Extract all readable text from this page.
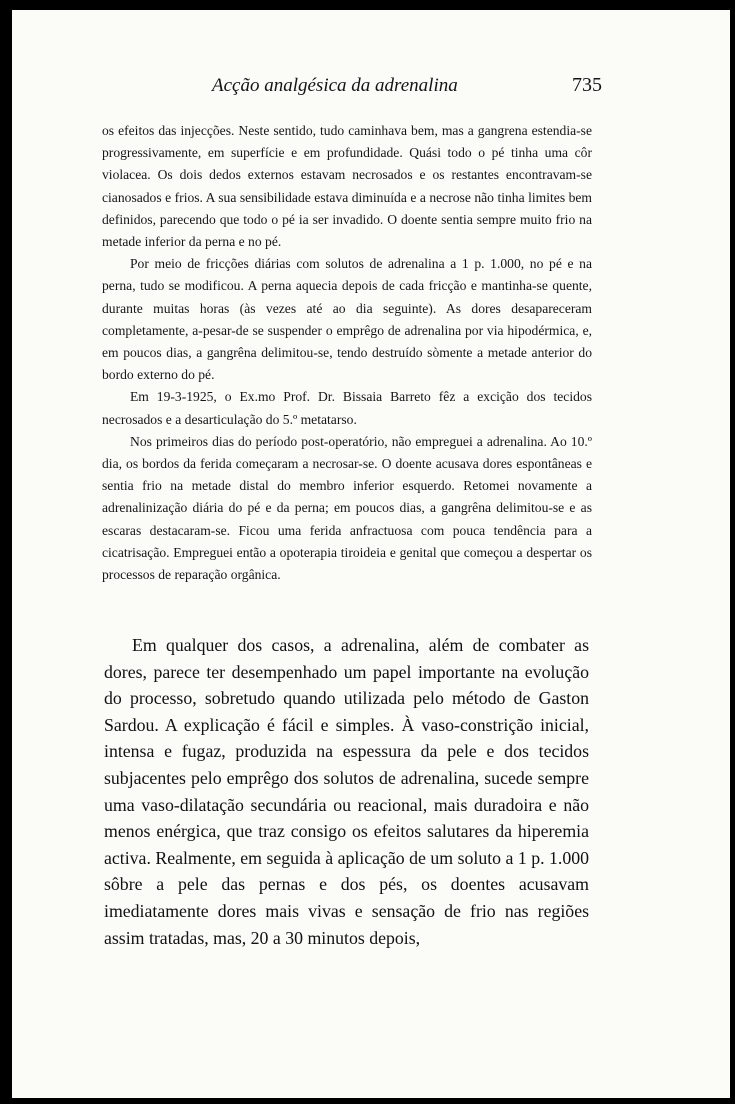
Acção analgésica da adrenalina	735

os efeitos das injecções. Neste sentido, tudo caminhava bem, mas a gangrena estendia-se progressivamente, em superfície e em profundidade. Quási todo o pé tinha uma côr violacea. Os dois dedos externos estavam necrosados e os restantes encontravam-se cianosados e frios. A sua sensibilidade estava diminuída e a necrose não tinha limites bem definidos, parecendo que todo o pé ia ser invadido. O doente sentia sempre muito frio na metade inferior da perna e no pé.

Por meio de fricções diárias com solutos de adrenalina a 1 p. 1.000, no pé e na perna, tudo se modificou. A perna aquecia depois de cada fricção e mantinha-se quente, durante muitas horas (às vezes até ao dia seguinte). As dores desapareceram completamente, a-pesar-de se suspender o emprêgo de adrenalina por via hipodérmica, e, em poucos dias, a gangrêna delimitou-se, tendo destruído sòmente a metade anterior do bordo externo do pé.

Em 19-3-1925, o Ex.mo Prof. Dr. Bissaia Barreto fêz a excição dos tecidos necrosados e a desarticulação do 5.º metatarso.

Nos primeiros dias do período post-operatório, não empreguei a adrenalina. Ao 10.º dia, os bordos da ferida começaram a necrosar-se. O doente acusava dores espontâneas e sentia frio na metade distal do membro inferior esquerdo. Retomei novamente a adrenalinização diária do pé e da perna; em poucos dias, a gangrêna delimitou-se e as escaras destacaram-se. Ficou uma ferida anfractuosa com pouca tendência para a cicatrisação. Empreguei então a opoterapia tiroideia e genital que começou a despertar os processos de reparação orgânica.

Em qualquer dos casos, a adrenalina, além de combater as dores, parece ter desempenhado um papel importante na evolução do processo, sobretudo quando utilizada pelo método de Gaston Sardou. A explicação é fácil e simples. À vaso-constrição inicial, intensa e fugaz, produzida na espessura da pele e dos tecidos subjacentes pelo emprêgo dos solutos de adrenalina, sucede sempre uma vaso-dilatação secundária ou reacional, mais duradoira e não menos enérgica, que traz consigo os efeitos salutares da hiperemia activa. Realmente, em seguida à aplicação de um soluto a 1 p. 1.000 sôbre a pele das pernas e dos pés, os doentes acusavam imediatamente dores mais vivas e sensação de frio nas regiões assim tratadas, mas, 20 a 30 minutos depois,
